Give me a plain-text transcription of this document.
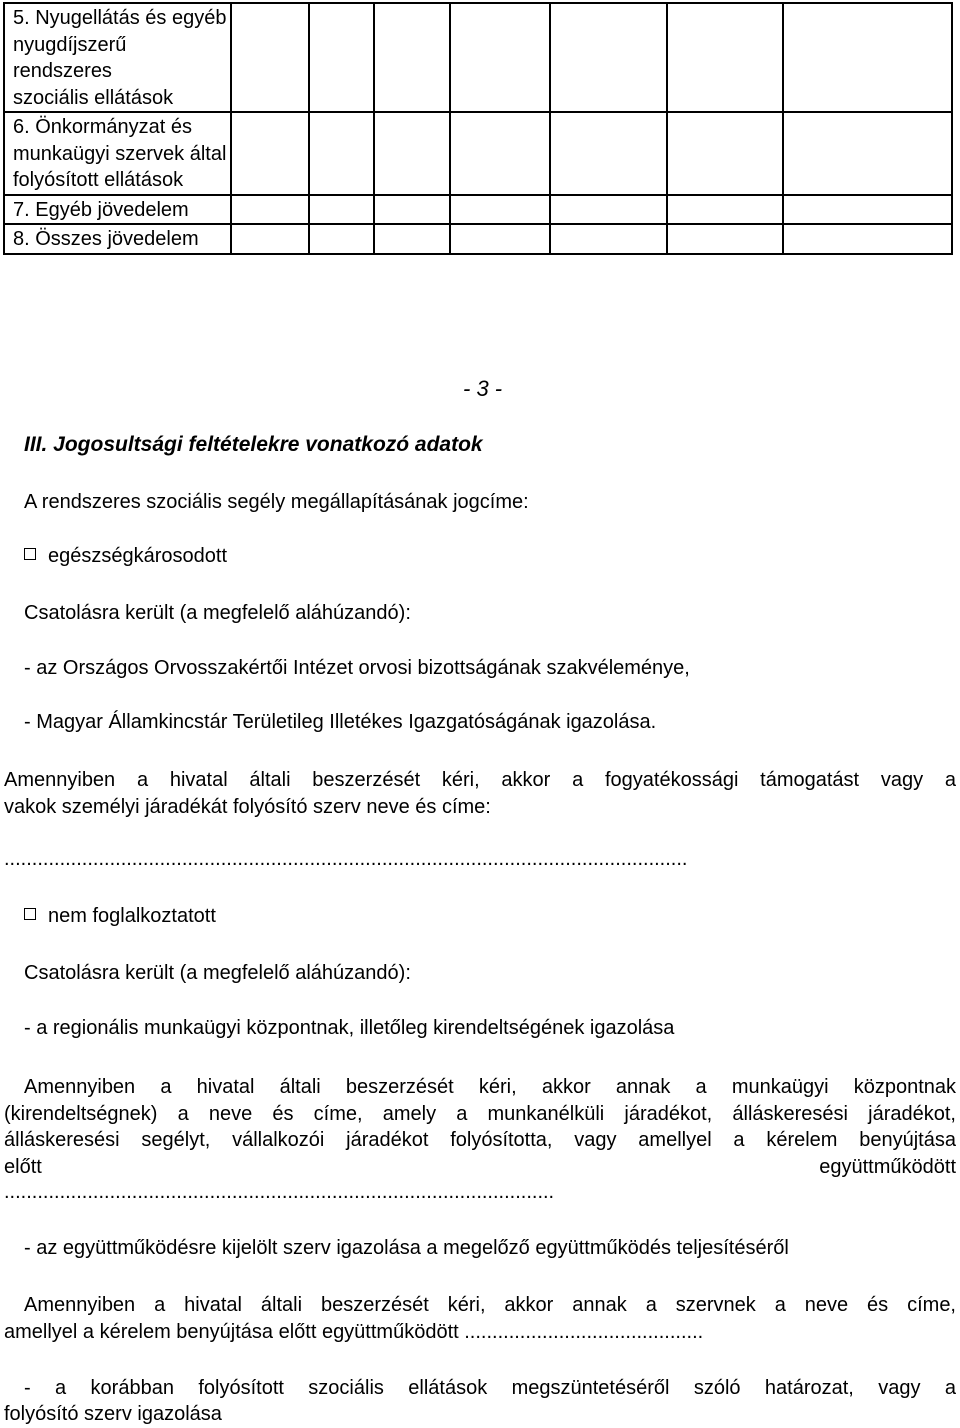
5. Nyugellátás és egyéb
nyugdíjszerű rendszeres
szociális ellátások							

6. Önkormányzat és
munkaügyi szervek által
folyósított ellátások							

7. Egyéb jövedelem							

8. Összes jövedelem							

- 3 -
III. Jogosultsági feltételekre vonatkozó adatok
A rendszeres szociális segély megállapításának jogcíme:
egészségkárosodott
Csatolásra került (a megfelelő aláhúzandó):
- az Országos Orvosszakértői Intézet orvosi bizottságának szakvéleménye,
- Magyar Államkincstár Területileg Illetékes Igazgatóságának igazolása.
Amennyiben a hivatal általi beszerzését kéri, akkor a fogyatékossági támogatást vagy a
vakok személyi járadékát folyósító szerv neve és címe:
...........................................................................................................................
nem foglalkoztatott
Csatolásra került (a megfelelő aláhúzandó):
- a regionális munkaügyi központnak, illetőleg kirendeltségének igazolása
Amennyiben a hivatal általi beszerzését kéri, akkor annak a munkaügyi központnak
(kirendeltségnek) a neve és címe, amely a munkanélküli járadékot, álláskeresési járadékot,
álláskeresési segélyt, vállalkozói járadékot folyósította, vagy amellyel a kérelem benyújtása
előtt együttműködött
...................................................................................................
- az együttműködésre kijelölt szerv igazolása a megelőző együttműködés teljesítéséről
Amennyiben a hivatal általi beszerzését kéri, akkor annak a szervnek a neve és címe,
amellyel a kérelem benyújtása előtt együttműködött ...........................................
- a korábban folyósított szociális ellátások megszüntetéséről szóló határozat, vagy a
folyósító szerv igazolása
